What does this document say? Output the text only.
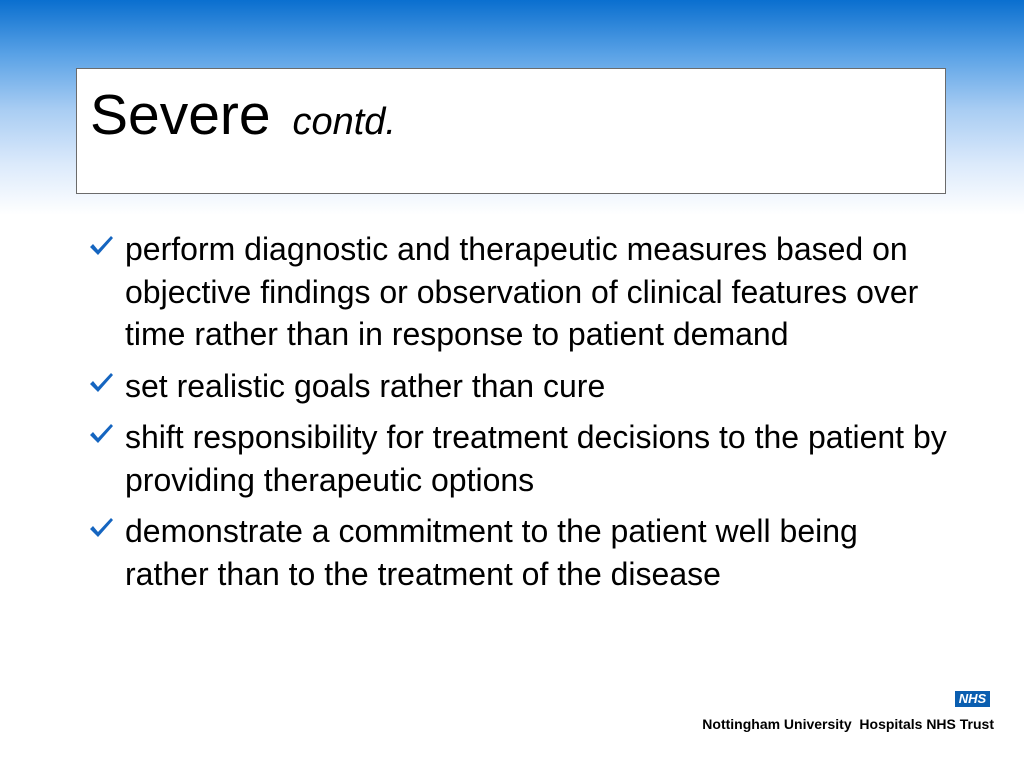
Severe contd.
perform diagnostic and therapeutic measures based on objective findings or observation of clinical features over time rather than in response to patient demand
set realistic goals rather than cure
shift responsibility for treatment decisions to the patient by providing therapeutic options
demonstrate a commitment to the patient well being rather than to the treatment of the disease
NHS
Nottingham University  Hospitals NHS Trust
